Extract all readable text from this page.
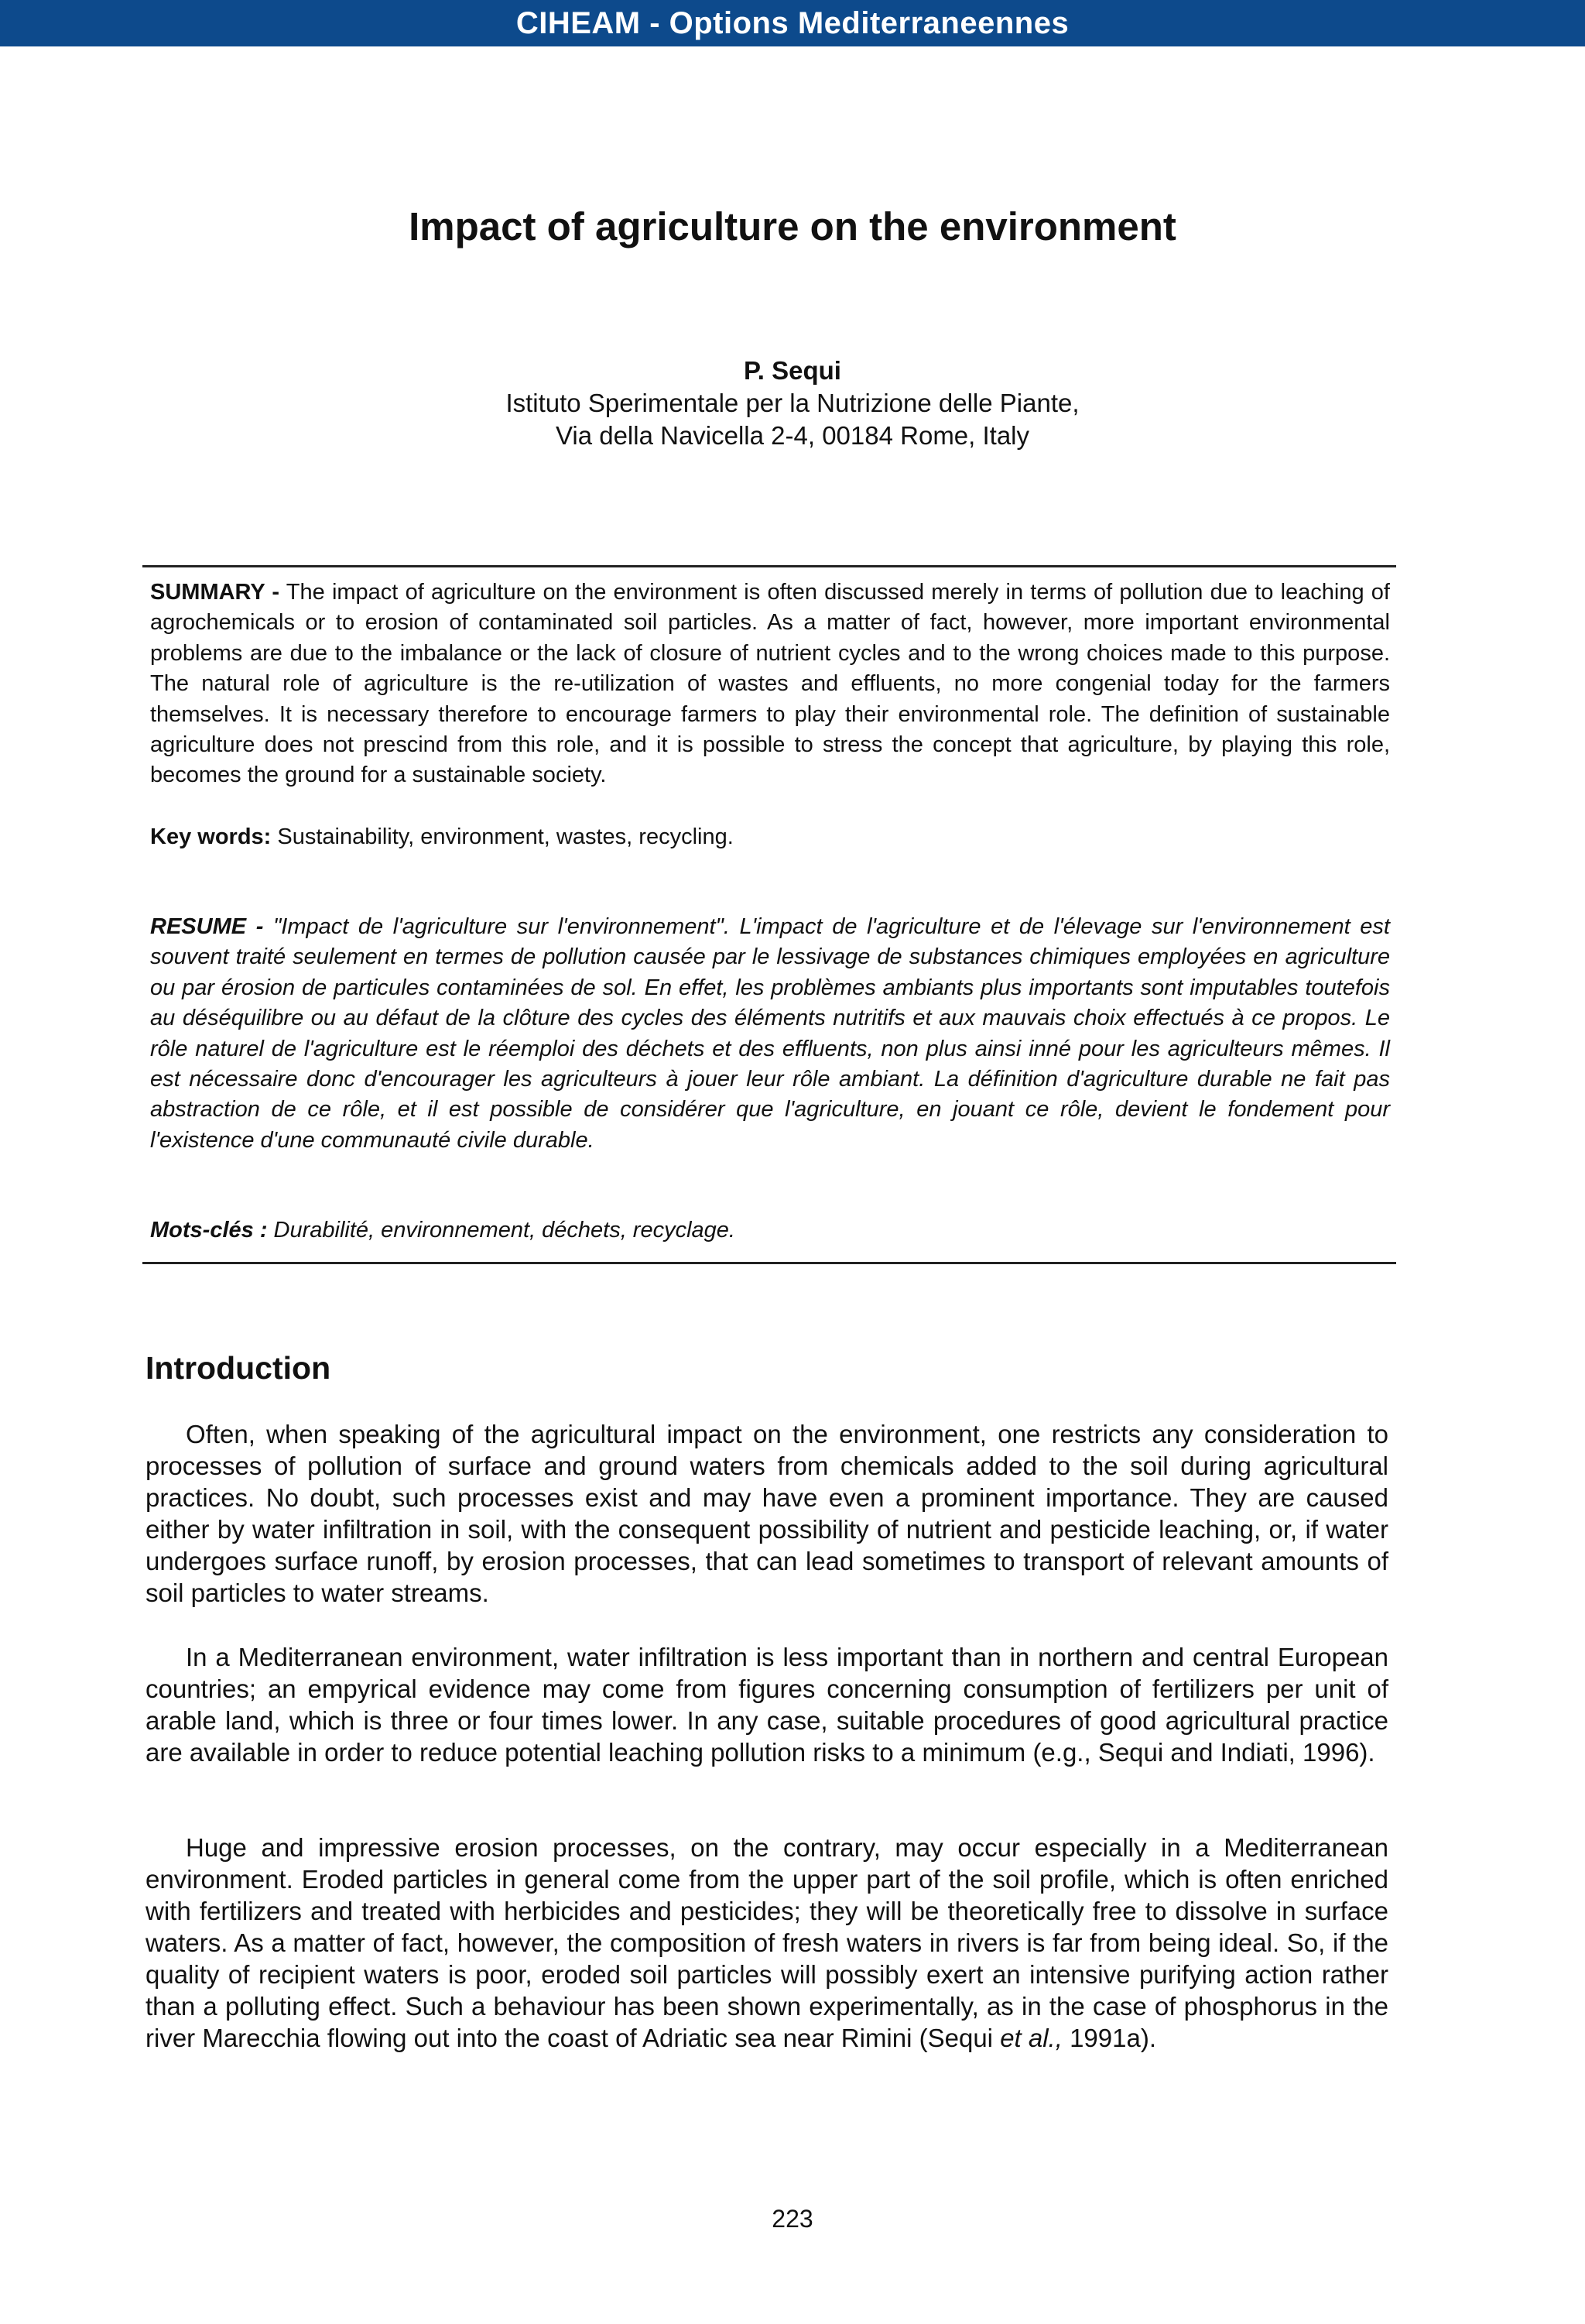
CIHEAM - Options Mediterraneennes
Impact of agriculture on the environment
P. Sequi
Istituto Sperimentale per la Nutrizione delle Piante,
Via della Navicella 2-4, 00184 Rome, Italy

SUMMARY - The impact of agriculture on the environment is often discussed merely in terms of pollution due to leaching of agrochemicals or to erosion of contaminated soil particles. As a matter of fact, however, more important environmental problems are due to the imbalance or the lack of closure of nutrient cycles and to the wrong choices made to this purpose. The natural role of agriculture is the re-utilization of wastes and effluents, no more congenial today for the farmers themselves. It is necessary therefore to encourage farmers to play their environmental role. The definition of sustainable agriculture does not prescind from this role, and it is possible to stress the concept that agriculture, by playing this role, becomes the ground for a sustainable society.

Key words: Sustainability, environment, wastes, recycling.

RESUME - "Impact de l'agriculture sur l'environnement". L'impact de l'agriculture et de l'élevage sur l'environnement est souvent traité seulement en termes de pollution causée par le lessivage de substances chimiques employées en agriculture ou par érosion de particules contaminées de sol. En effet, les problèmes ambiants plus importants sont imputables toutefois au déséquilibre ou au défaut de la clôture des cycles des éléments nutritifs et aux mauvais choix effectués à ce propos. Le rôle naturel de l'agriculture est le réemploi des déchets et des effluents, non plus ainsi inné pour les agriculteurs mêmes. Il est nécessaire donc d'encourager les agriculteurs à jouer leur rôle ambiant. La définition d'agriculture durable ne fait pas abstraction de ce rôle, et il est possible de considérer que l'agriculture, en jouant ce rôle, devient le fondement pour l'existence d'une communauté civile durable.

Mots-clés : Durabilité, environnement, déchets, recyclage.

Introduction

Often, when speaking of the agricultural impact on the environment, one restricts any consideration to processes of pollution of surface and ground waters from chemicals added to the soil during agricultural practices. No doubt, such processes exist and may have even a prominent importance. They are caused either by water infiltration in soil, with the consequent possibility of nutrient and pesticide leaching, or, if water undergoes surface runoff, by erosion processes, that can lead sometimes to transport of relevant amounts of soil particles to water streams.

In a Mediterranean environment, water infiltration is less important than in northern and central European countries; an empyrical evidence may come from figures concerning consumption of fertilizers per unit of arable land, which is three or four times lower. In any case, suitable procedures of good agricultural practice are available in order to reduce potential leaching pollution risks to a minimum (e.g., Sequi and Indiati, 1996).

Huge and impressive erosion processes, on the contrary, may occur especially in a Mediterranean environment. Eroded particles in general come from the upper part of the soil profile, which is often enriched with fertilizers and treated with herbicides and pesticides; they will be theoretically free to dissolve in surface waters. As a matter of fact, however, the composition of fresh waters in rivers is far from being ideal. So, if the quality of recipient waters is poor, eroded soil particles will possibly exert an intensive purifying action rather than a polluting effect. Such a behaviour has been shown experimentally, as in the case of phosphorus in the river Marecchia flowing out into the coast of Adriatic sea near Rimini (Sequi et al., 1991a).

223
